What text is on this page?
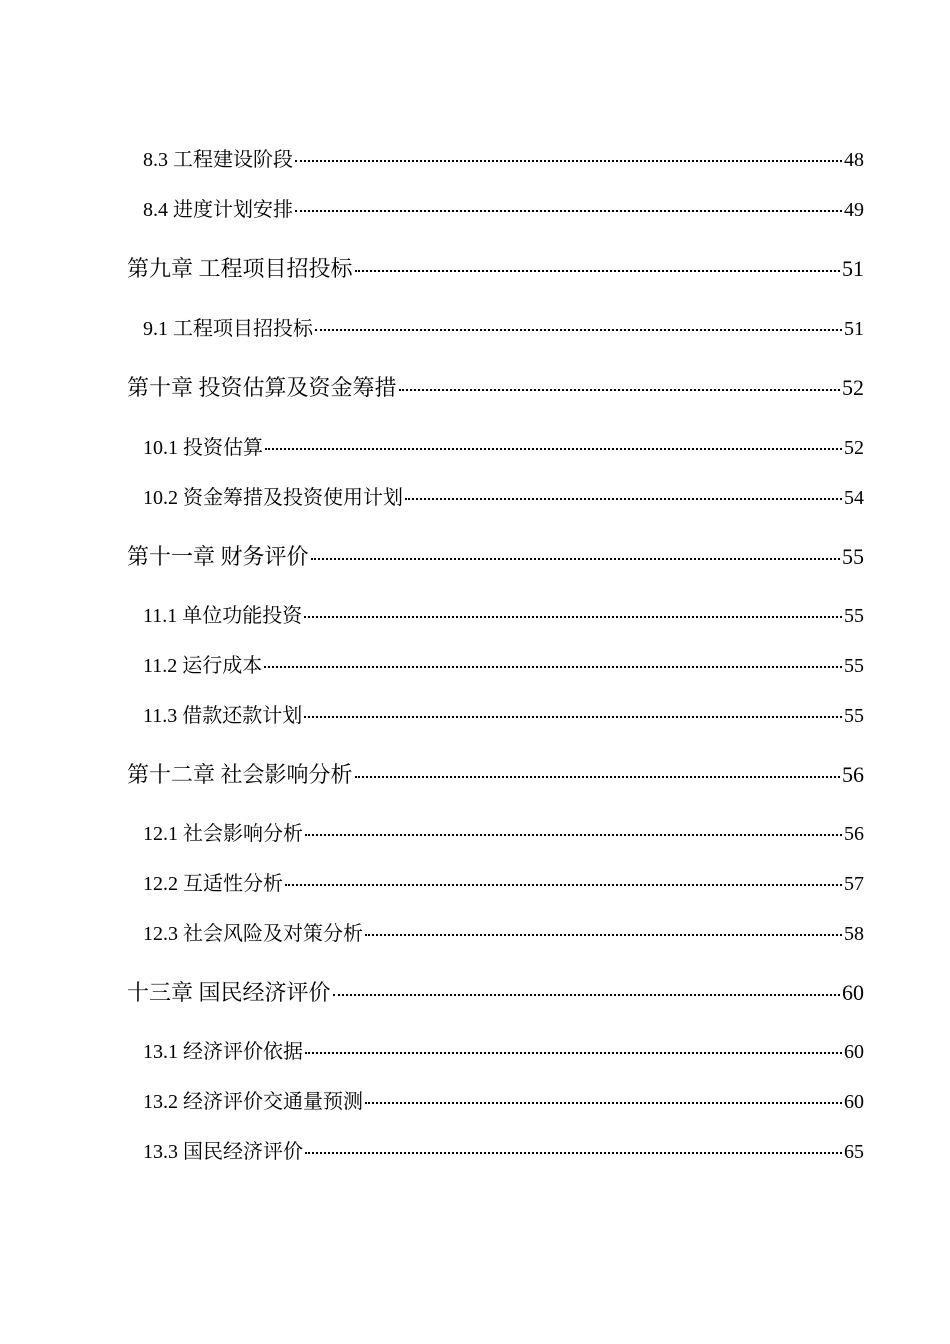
8.3 工程建设阶段	48
8.4 进度计划安排	49
第九章 工程项目招投标	51
9.1 工程项目招投标	51
第十章 投资估算及资金筹措	52
10.1 投资估算	52
10.2 资金筹措及投资使用计划	54
第十一章 财务评价	55
11.1 单位功能投资	55
11.2 运行成本	55
11.3 借款还款计划	55
第十二章 社会影响分析	56
12.1 社会影响分析	56
12.2 互适性分析	57
12.3 社会风险及对策分析	58
十三章 国民经济评价	60
13.1 经济评价依据	60
13.2 经济评价交通量预测	60
13.3 国民经济评价	65
